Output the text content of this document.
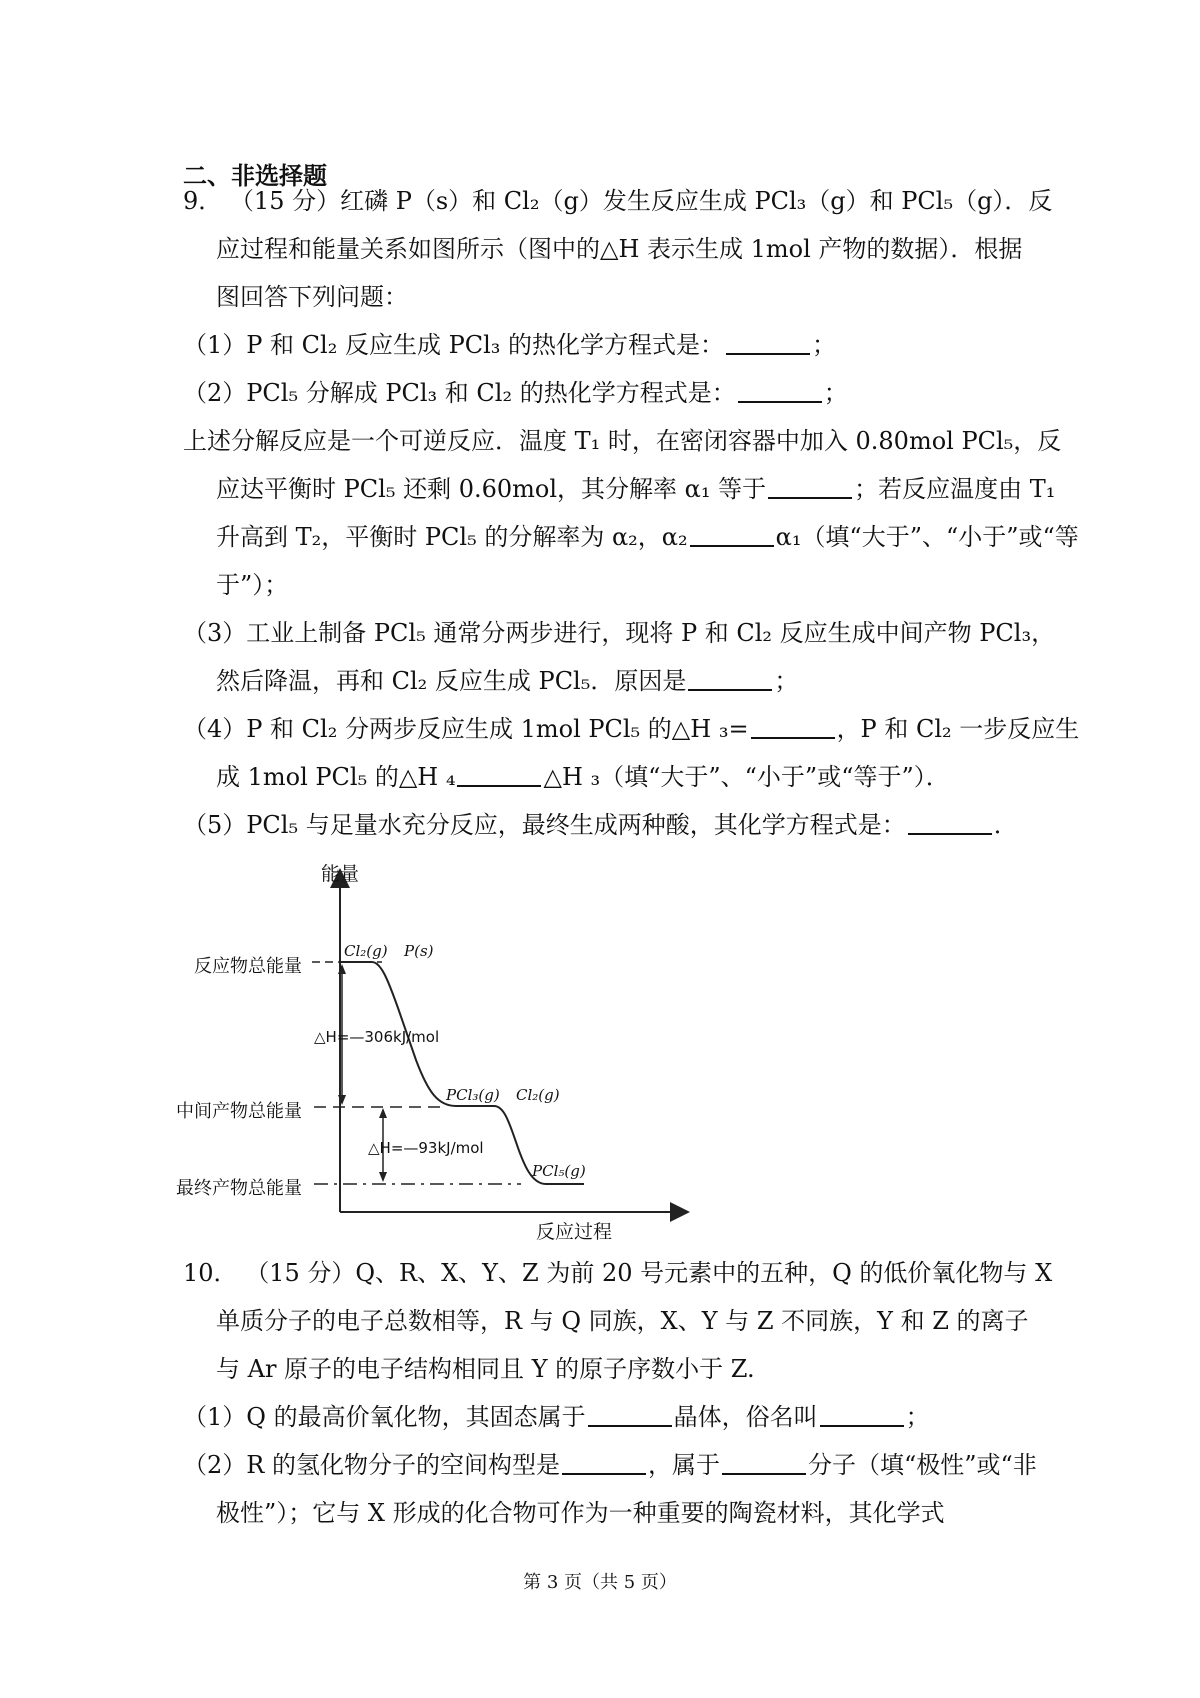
二、非选择题
9． （15 分）红磷 P（s）和 Cl₂（g）发生反应生成 PCl₃（g）和 PCl₅（g）．反
应过程和能量关系如图所示（图中的△H 表示生成 1mol 产物的数据）．根据
图回答下列问题：
（1）P 和 Cl₂ 反应生成 PCl₃ 的热化学方程式是：	；
（2）PCl₅ 分解成 PCl₃ 和 Cl₂ 的热化学方程式是：	；
上述分解反应是一个可逆反应．温度 T₁ 时，在密闭容器中加入 0.80mol PCl₅，反
应达平衡时 PCl₅ 还剩 0.60mol，其分解率 α₁ 等于	；若反应温度由 T₁
升高到 T₂，平衡时 PCl₅ 的分解率为 α₂，α₂	α₁（填“大于”、“小于”或“等
于”）；
（3）工业上制备 PCl₅ 通常分两步进行，现将 P 和 Cl₂ 反应生成中间产物 PCl₃，
然后降温，再和 Cl₂ 反应生成 PCl₅．原因是	；
（4）P 和 Cl₂ 分两步反应生成 1mol PCl₅ 的△H ₃=	，P 和 Cl₂ 一步反应生
成 1mol PCl₅ 的△H ₄	△H ₃（填“大于”、“小于”或“等于”）．
（5）PCl₅ 与足量水充分反应，最终生成两种酸，其化学方程式是：	．
能量
反应过程
反应物总能量
中间产物总能量
最终产物总能量
Cl₂(g) P(s)
PCl₃(g) Cl₂(g)
PCl₅(g)
△H=—306kJ/mol
△H=—93kJ/mol
10． （15 分）Q、R、X、Y、Z 为前 20 号元素中的五种，Q 的低价氧化物与 X
单质分子的电子总数相等，R 与 Q 同族，X、Y 与 Z 不同族，Y 和 Z 的离子
与 Ar 原子的电子结构相同且 Y 的原子序数小于 Z.
（1）Q 的最高价氧化物，其固态属于	晶体，俗名叫	；
（2）R 的氢化物分子的空间构型是	，属于	分子（填“极性”或“非
极性”）；它与 X 形成的化合物可作为一种重要的陶瓷材料，其化学式
第 3 页（共 5 页）
